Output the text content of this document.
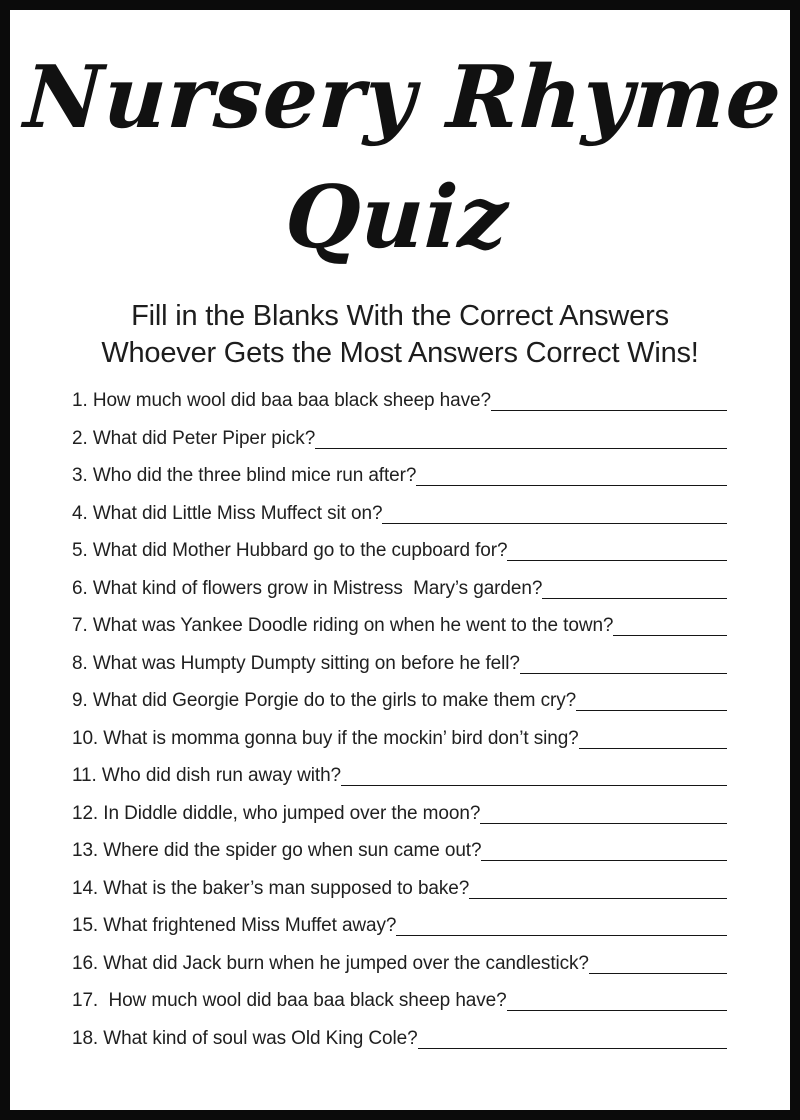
Nursery Rhyme
Quiz
Fill in the Blanks With the Correct Answers
Whoever Gets the Most Answers Correct Wins!
1. How much wool did baa baa black sheep have?
2. What did Peter Piper pick?
3. Who did the three blind mice run after?
4. What did Little Miss Muffect sit on?
5. What did Mother Hubbard go to the cupboard for?
6. What kind of flowers grow in Mistress  Mary’s garden?
7. What was Yankee Doodle riding on when he went to the town?
8. What was Humpty Dumpty sitting on before he fell?
9. What did Georgie Porgie do to the girls to make them cry?
10. What is momma gonna buy if the mockin’ bird don’t sing?
11. Who did dish run away with?
12. In Diddle diddle, who jumped over the moon?
13. Where did the spider go when sun came out?
14. What is the baker’s man supposed to bake?
15. What frightened Miss Muffet away?
16. What did Jack burn when he jumped over the candlestick?
17.  How much wool did baa baa black sheep have?
18. What kind of soul was Old King Cole?
